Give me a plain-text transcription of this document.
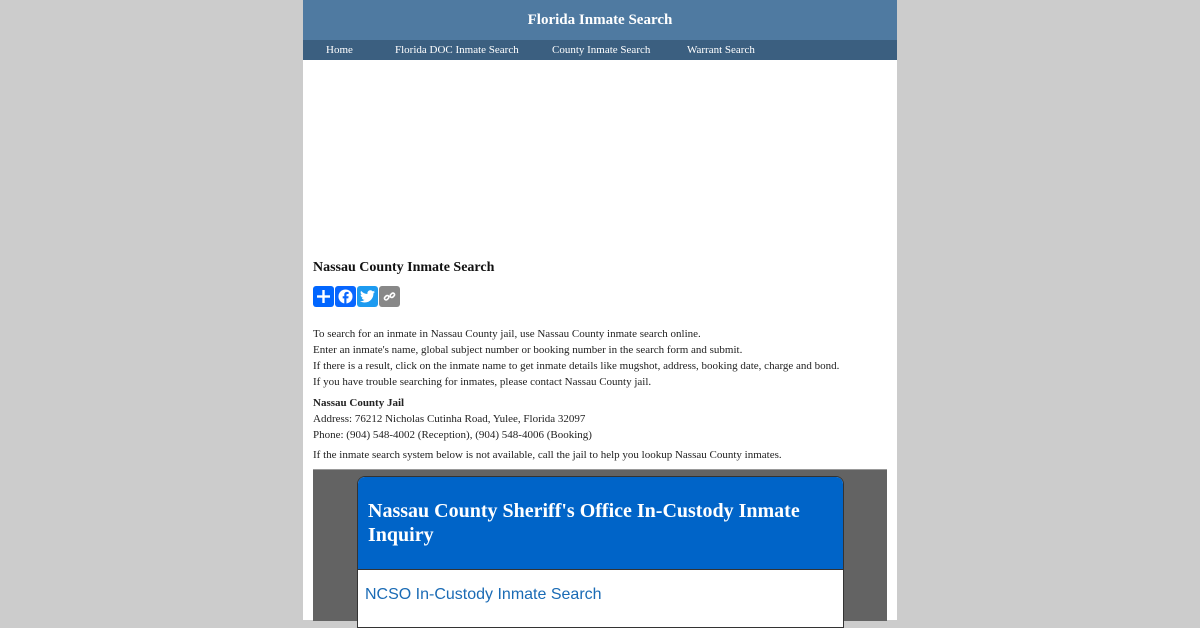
Florida Inmate Search
Home	Florida DOC Inmate Search	County Inmate Search	Warrant Search
Nassau County Inmate Search

To search for an inmate in Nassau County jail, use Nassau County inmate search online.

Enter an inmate's name, global subject number or booking number in the search form and submit.

If there is a result, click on the inmate name to get inmate details like mugshot, address, booking date, charge and bond.

If you have trouble searching for inmates, please contact Nassau County jail.

Nassau County Jail
Address: 76212 Nicholas Cutinha Road, Yulee, Florida 32097
Phone: (904) 548-4002 (Reception), (904) 548-4006 (Booking)
If the inmate search system below is not available, call the jail to help you lookup Nassau County inmates.
Nassau County Sheriff's Office In-Custody Inmate Inquiry
NCSO In-Custody Inmate Search
